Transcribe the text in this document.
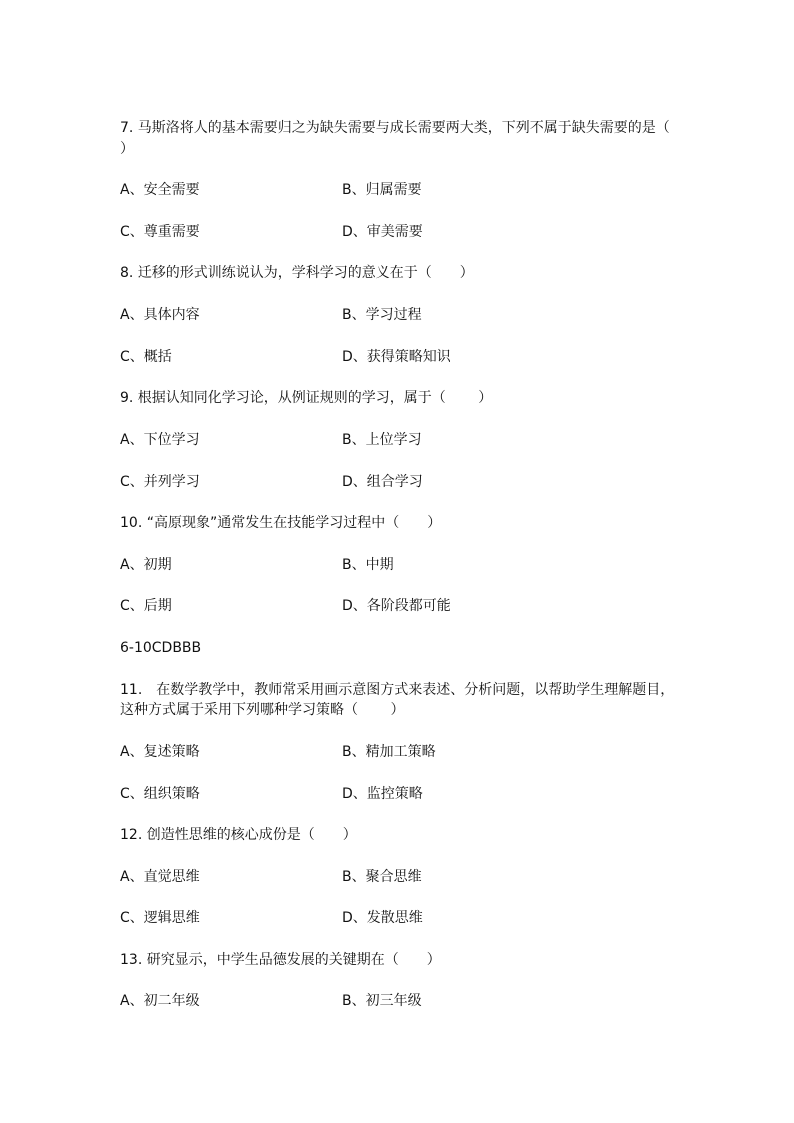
7. 马斯洛将人的基本需要归之为缺失需要与成长需要两大类，下列不属于缺失需要的是（
）
A、安全需要	B、归属需要
C、尊重需要	D、审美需要
8. 迁移的形式训练说认为，学科学习的意义在于（　　）
A、具体内容	B、学习过程
C、概括	D、获得策略知识
9. 根据认知同化学习论，从例证规则的学习，属于（　　 ）
A、下位学习	B、上位学习
C、并列学习	D、组合学习
10. “高原现象”通常发生在技能学习过程中（　　）
A、初期	B、中期
C、后期	D、各阶段都可能
6-10CDBBB
11.　在数学教学中，教师常采用画示意图方式来表述、分析问题，以帮助学生理解题目，
这种方式属于采用下列哪种学习策略（　　 ）
A、复述策略	B、精加工策略
C、组织策略	D、监控策略
12. 创造性思维的核心成份是（　　）
A、直觉思维	B、聚合思维
C、逻辑思维	D、发散思维
13. 研究显示，中学生品德发展的关键期在（　　）
A、初二年级	B、初三年级
